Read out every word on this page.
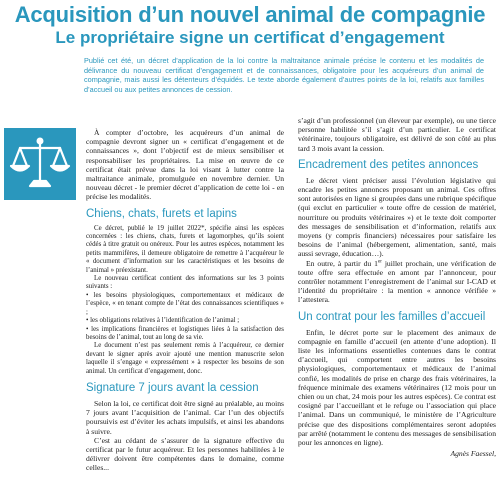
Acquisition d’un nouvel animal de compagnie
Le propriétaire signe un certificat d’engagement

Publié cet été, un décret d’application de la loi contre la maltraitance animale précise le contenu et les modalités de délivrance du nouveau certificat d’engagement et de connaissances, obligatoire pour les acquéreurs d’un animal de compagnie, mais aussi les détenteurs d’équidés. Le texte aborde également d’autres points de la loi, relatifs aux familles d’accueil ou aux petites annonces de cession.

À compter d’octobre, les acquéreurs d’un animal de compagnie devront signer un « certificat d’engagement et de connaissances », dont l’objectif est de mieux sensibiliser et responsabiliser les propriétaires. La mise en œuvre de ce certificat était prévue dans la loi visant à lutter contre la maltraitance animale, promulguée en novembre dernier. Un nouveau décret - le premier décret d’application de cette loi - en précise les modalités.

Chiens, chats, furets et lapins

Ce décret, publié le 19 juillet 2022*, spécifie ainsi les espèces concernées : les chiens, chats, furets et lagomorphes, qu’ils soient cédés à titre gratuit ou onéreux. Pour les autres espèces, notamment les petits mammifères, il demeure obligatoire de remettre à l’acquéreur le « document d’information sur les caractéristiques et les besoins de l’animal » préexistant.

Le nouveau certificat contient des informations sur les 3 points suivants :

• les besoins physiologiques, comportementaux et médicaux de l’espèce, « en tenant compte de l’état des connaissances scientifiques » ;

• les obligations relatives à l’identification de l’animal ;

• les implications financières et logistiques liées à la satisfaction des besoins de l’animal, tout au long de sa vie.

Le document n’est pas seulement remis à l’acquéreur, ce dernier devant le signer après avoir ajouté une mention manuscrite selon laquelle il s’engage « expressément » à respecter les besoins de son animal. Un certificat d’engagement, donc.

Signature 7 jours avant la cession

Selon la loi, ce certificat doit être signé au préalable, au moins 7 jours avant l’acquisition de l’animal. Car l’un des objectifs poursuivis est d’éviter les achats impulsifs, et ainsi les abandons à suivre.

C’est au cédant de s’assurer de la signature effective du certificat par le futur acquéreur. Et les personnes habilitées à le délivrer doivent être compétentes dans le domaine, comme celles...

s’agit d’un professionnel (un éleveur par exemple), ou une tierce personne habilitée s’il s’agit d’un particulier. Le certificat vétérinaire, toujours obligatoire, est délivré de son côté au plus tard 3 mois avant la cession.

Encadrement des petites annonces

Le décret vient préciser aussi l’évolution législative qui encadre les petites annonces proposant un animal. Ces offres sont autorisées en ligne si groupées dans une rubrique spécifique (qui exclut en particulier « toute offre de cession de matériel, nourriture ou produits vétérinaires ») et le texte doit comporter des messages de sensibilisation et d’information, relatifs aux moyens (y compris financiers) nécessaires pour satisfaire les besoins de l’animal (hébergement, alimentation, santé, mais aussi sevrage, éducation…).

En outre, à partir du 1er juillet prochain, une vérification de toute offre sera effectuée en amont par l’annonceur, pour contrôler notamment l’enregistrement de l’animal sur I-CAD et l’identité du propriétaire : la mention « annonce vérifiée » l’attestera.

Un contrat pour les familles d’accueil

Enfin, le décret porte sur le placement des animaux de compagnie en famille d’accueil (en attente d’une adoption). Il liste les informations essentielles contenues dans le contrat d’accueil, qui comportent entre autres les besoins physiologiques, comportementaux et médicaux de l’animal confié, les modalités de prise en charge des frais vétérinaires, la fréquence minimale des examens vétérinaires (12 mois pour un chien ou un chat, 24 mois pour les autres espèces). Ce contrat est cosigné par l’accueillant et le refuge ou l’association qui place l’animal. Dans un communiqué, le ministère de l’Agriculture précise que des dispositions complémentaires seront adoptées par arrêté (notamment le contenu des messages de sensibilisation pour les annonces en ligne).

Agnès Faessel,
